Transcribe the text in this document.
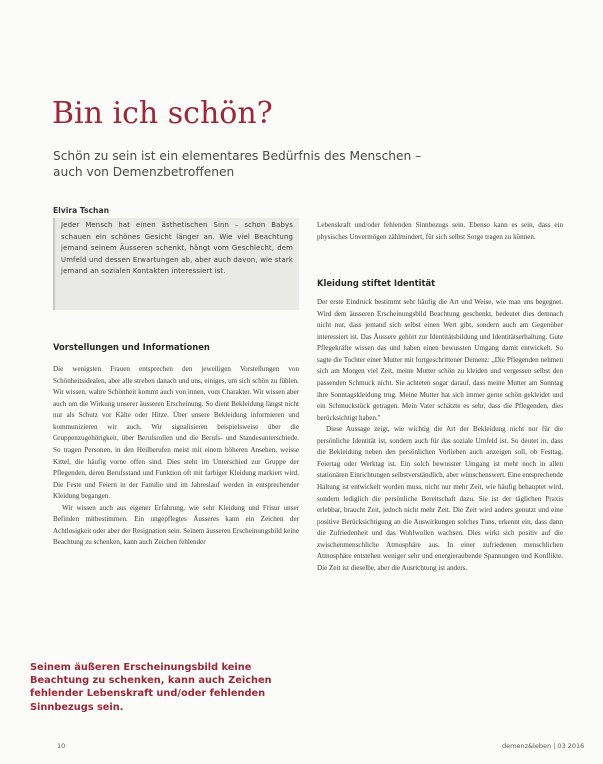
Bin ich schön?
Schön zu sein ist ein elementares Bedürfnis des Menschen – auch von Demenzbetroffenen
Elvira Tschan

Jeder Mensch hat einen ästhetischen Sinn – schon Babys schauen ein schönes Gesicht länger an. Wie viel Beachtung jemand seinem Äusseren schenkt, hängt vom Geschlecht, dem Umfeld und dessen Erwartungen ab, aber auch davon, wie stark jemand an sozialen Kontakten interessiert ist.

Vorstellungen und Informationen

Die wenigsten Frauen entsprechen den jeweiligen Vorstellungen von Schönheitsidealen, aber alle streben danach und uns, einiges, um sich schön zu fühlen. Wir wissen, wahre Schönheit kommt auch von innen, vom Charakter. Wir wissen aber auch um die Wirkung unserer äusseren Erscheinung. So dient Bekleidung längst nicht nur als Schutz vor Kälte oder Hitze. Über unsere Bekleidung informieren und kommunizieren wir auch. Wir signalisieren beispielsweise über die Gruppenzugehörigkeit, über Berufsrollen und die Berufs- und Standesunterschiede. So tragen Personen, in den Heilberufen meist mit einem höheren Ansehen, weisse Kittel, die häufig vorne offen sind. Dies steht im Unterschied zur Gruppe der Pflegenden, deren Berufsstand und Funktion oft mit farbiger Kleidung markiert wird. Die Feste und Feiern in der Familie und im Jahreslauf werden in entsprechender Kleidung begangen.

Wir wissen auch aus eigener Erfahrung, wie sehr Kleidung und Frisur unser Befinden mitbestimmen. Ein ungepflegtes Äusseres kann ein Zeichen der Achtlosigkeit oder aber der Resignation sein. Seinem äusseren Erscheinungsbild keine Beachtung zu schenken, kann auch Zeichen fehlender

Seinem äußeren Erscheinungsbild keine Beachtung zu schenken, kann auch Zeichen fehlender Lebenskraft und/oder fehlenden Sinnbezugs sein.

Lebenskraft und/oder fehlenden Sinnbezugs sein. Ebenso kann es sein, dass ein physisches Unvermögen zählmindert, für sich selbst Sorge tragen zu können.

Kleidung stiftet Identität

Der erste Eindruck bestimmt sehr häufig die Art und Weise, wie man uns begegnet. Wird dem äusseren Erscheinungsbild Beachtung geschenkt, bedeutet dies demnach nicht nur, dass jemand sich selbst einen Wert gibt, sondern auch am Gegenüber interessiert ist. Das Äussere gehört zur Identitätsbildung und Identitätserhaltung. Gute Pflegekräfte wissen das und haben einen bewussten Umgang damit entwickelt. So sagte die Tochter einer Mutter mit fortgeschrittener Demenz: „Die Pflegenden nehmen sich am Morgen viel Zeit, meine Mutter schön zu kleiden und vergessen selbst den passenden Schmuck nicht. Sie achteten sogar darauf, dass meine Mutter am Sonntag ihre Sonntagskleidung trug. Meine Mutter hat sich immer gerne schön gekleidet und ein Schmuckstück getragen. Mein Vater schätzte es sehr, dass die Pflegenden, dies berücksichtigt haben."

Diese Aussage zeigt, wie wichtig die Art der Bekleidung nicht nur für die persönliche Identität ist, sondern auch für das soziale Umfeld ist. So deutet in, dass die Bekleidung neben den persönlichen Vorlieben auch anzeigen soll, ob Festtag, Feiertag oder Werktag ist. Ein solch bewusster Umgang ist mehr noch in allen stationären Einrichtungen selbstverständlich, aber wünschenswert. Eine entsprechende Haltung ist entwickelt worden muss, nicht nur mehr Zeit, wie häufig behauptet wird, sondern lediglich die persönliche Bereitschaft dazu. Sie ist der täglichen Praxis erlebbar, braucht Zeit, jedoch nicht mehr Zeit. Die Zeit wird anders genutzt und eine positive Berücksichtigung an die Auswirkungen solches Tuns, erkennt ein, dass dann die Zufriedenheit und das Wohlwollen wachsen. Dies wirkt sich positiv auf die zwischenmenschliche Atmosphäre aus. In einer zufriedenen menschlichen Atmosphäre entstehen weniger sehr und energieraubende Spannungen und Konflikte. Die Zeit ist dieselbe, aber die Ausrichtung ist anders.

10	demenz&leben | 03 2016
